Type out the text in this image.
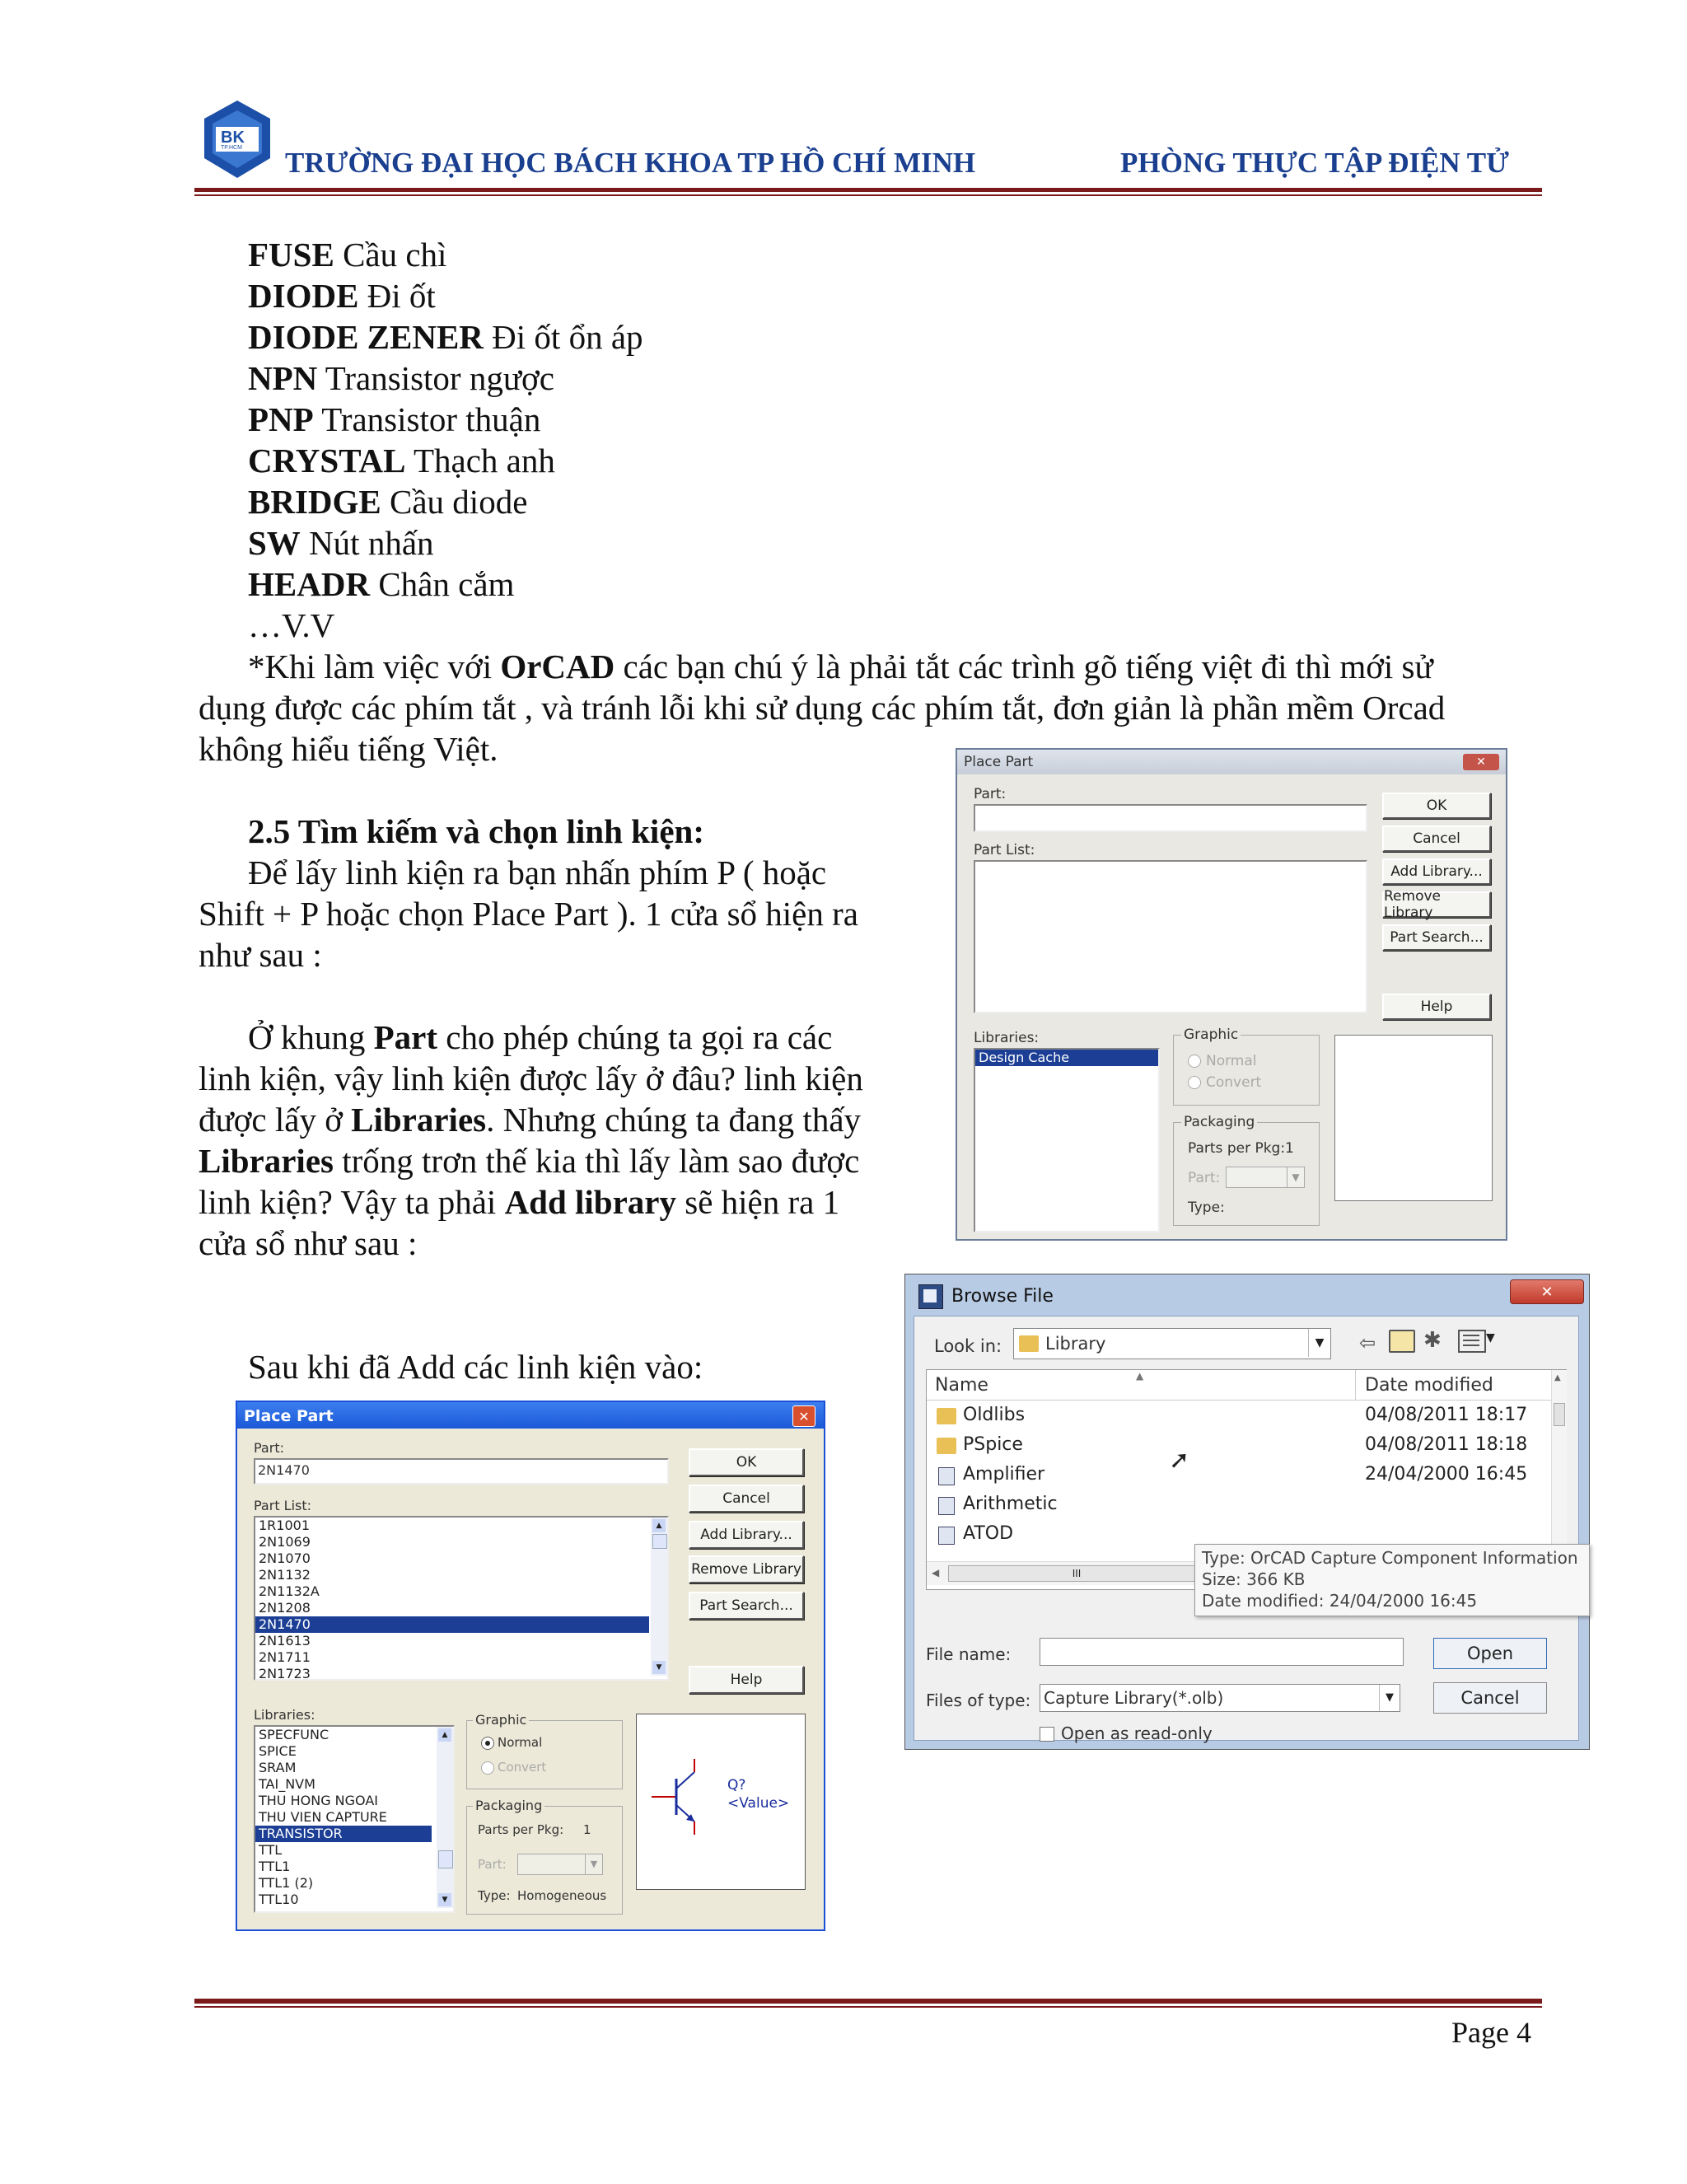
BK
TP.HCM TRƯỜNG ĐẠI HỌC BÁCH KHOA TP HỒ CHÍ MINH	PHÒNG THỰC TẬP ĐIỆN TỬ
FUSE Cầu chì
DIODE Đi ốt
DIODE ZENER Đi ốt ổn áp
NPN Transistor ngược
PNP Transistor thuận
CRYSTAL Thạch anh
BRIDGE Cầu diode
SW Nút nhấn
HEADR Chân cắm
…V.V
*Khi làm việc với OrCAD các bạn chú ý là phải tắt các trình gõ tiếng việt đi thì mới sử
dụng được các phím tắt , và tránh lỗi khi sử dụng các phím tắt, đơn giản là phần mềm Orcad
không hiểu tiếng Việt.
2.5 Tìm kiếm và chọn linh kiện:
Để lấy linh kiện ra bạn nhấn phím P ( hoặc
Shift + P hoặc chọn Place Part ). 1 cửa sổ hiện ra
như sau :
Ở khung Part cho phép chúng ta gọi ra các
linh kiện, vậy linh kiện được lấy ở đâu? linh kiện
được lấy ở Libraries. Nhưng chúng ta đang thấy
Libraries trống trơn thế kia thì lấy làm sao được
linh kiện? Vậy ta phải Add library sẽ hiện ra 1
cửa sổ như sau :
Sau khi đã Add các linh kiện vào:
Place Part	✕
Part:
Part List:
OK
Cancel
Add Library...
Remove Library
Part Search...
Help
Libraries:
Design Cache
Graphic
Normal
Convert
Packaging
Parts per Pkg: 1
Part:	▼
Type:
Browse File	✕
Look in:	Library	▼	⇦ ✱	▼
Name	▲	Date modified
Oldlibs	04/08/2011 18:17
PSpice	04/08/2011 18:18
Amplifier	24/04/2000 16:45
Arithmetic
ATOD
➚
▲
◀	III
Type: OrCAD Capture Component Information
Size: 366 KB
Date modified: 24/04/2000 16:45
File name:	Open
Files of type: Capture Library(*.olb)	▼	Cancel
Open as read-only
Place Part	✕
Part:
2N1470
Part List:
1R1001
2N1069
2N1070
2N1132
2N1132A
2N1208
2N1470
2N1613
2N1711
2N1723
▲
▼
OK
Cancel
Add Library...
Remove Library
Part Search...
Help
Libraries:
SPECFUNC
SPICE
SRAM
TAI_NVM
THU HONG NGOAI
THU VIEN CAPTURE
TRANSISTOR
TTL
TTL1
TTL1 (2)
TTL10
▲
▼
Graphic
Normal
Convert
Packaging
Parts per Pkg: 1
Part:	▼
Type: Homogeneous
Q?
<Value>
Page 4
